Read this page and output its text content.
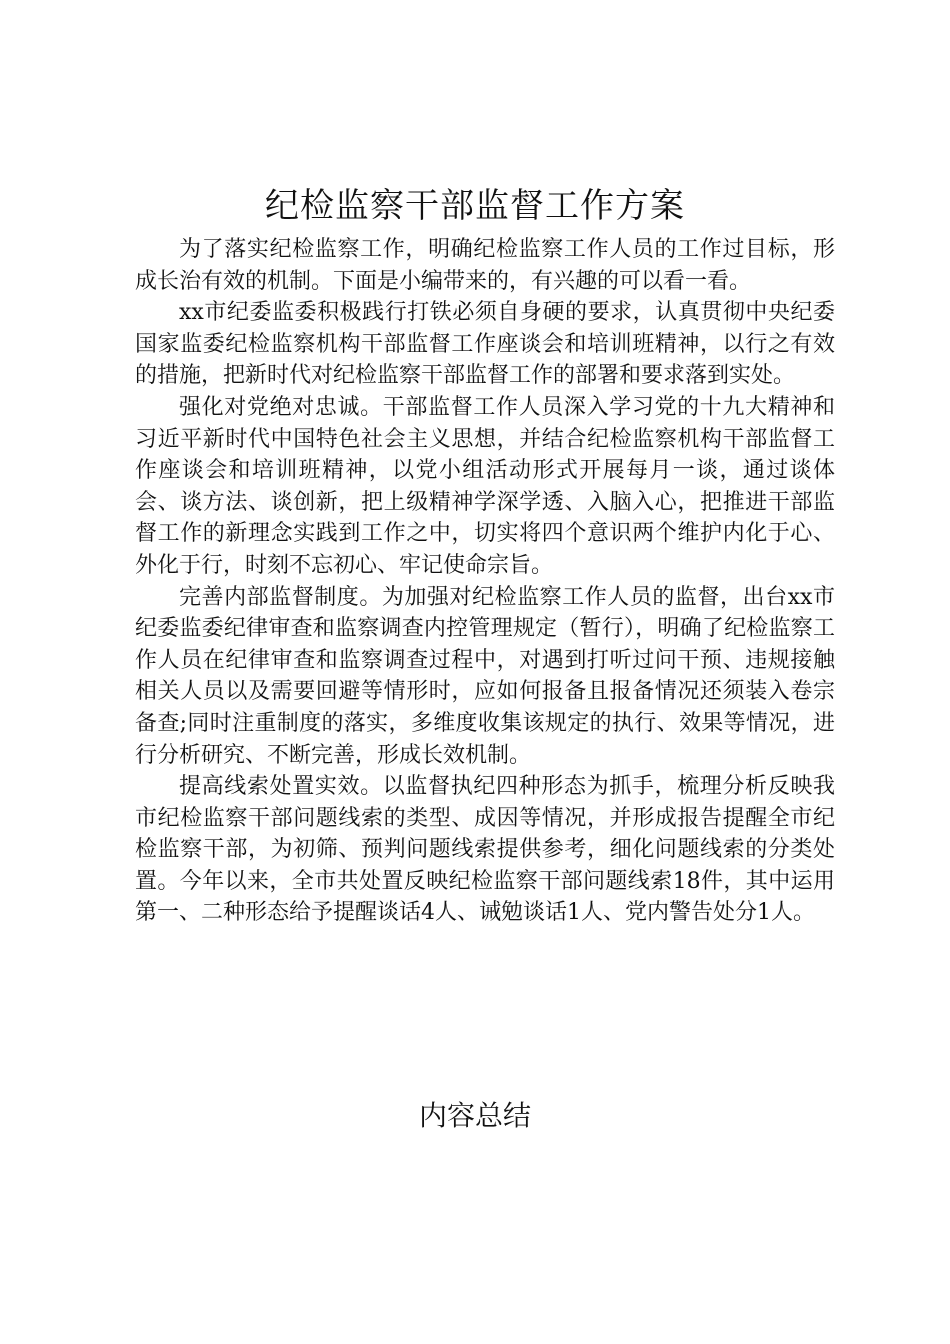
纪检监察干部监督工作方案

为了落实纪检监察工作，明确纪检监察工作人员的工作过目标，形成长治有效的机制。下面是小编带来的，有兴趣的可以看一看。

xx市纪委监委积极践行打铁必须自身硬的要求，认真贯彻中央纪委国家监委纪检监察机构干部监督工作座谈会和培训班精神，以行之有效的措施，把新时代对纪检监察干部监督工作的部署和要求落到实处。

强化对党绝对忠诚。干部监督工作人员深入学习党的十九大精神和习近平新时代中国特色社会主义思想，并结合纪检监察机构干部监督工作座谈会和培训班精神，以党小组活动形式开展每月一谈，通过谈体会、谈方法、谈创新，把上级精神学深学透、入脑入心，把推进干部监督工作的新理念实践到工作之中，切实将四个意识两个维护内化于心、外化于行，时刻不忘初心、牢记使命宗旨。

完善内部监督制度。为加强对纪检监察工作人员的监督，出台xx市纪委监委纪律审查和监察调查内控管理规定（暂行），明确了纪检监察工作人员在纪律审查和监察调查过程中，对遇到打听过问干预、违规接触相关人员以及需要回避等情形时，应如何报备且报备情况还须装入卷宗备查;同时注重制度的落实，多维度收集该规定的执行、效果等情况，进行分析研究、不断完善，形成长效机制。

提高线索处置实效。以监督执纪四种形态为抓手，梳理分析反映我市纪检监察干部问题线索的类型、成因等情况，并形成报告提醒全市纪检监察干部，为初筛、预判问题线索提供参考，细化问题线索的分类处置。今年以来，全市共处置反映纪检监察干部问题线索18件，其中运用第一、二种形态给予提醒谈话4人、诫勉谈话1人、党内警告处分1人。

内容总结
